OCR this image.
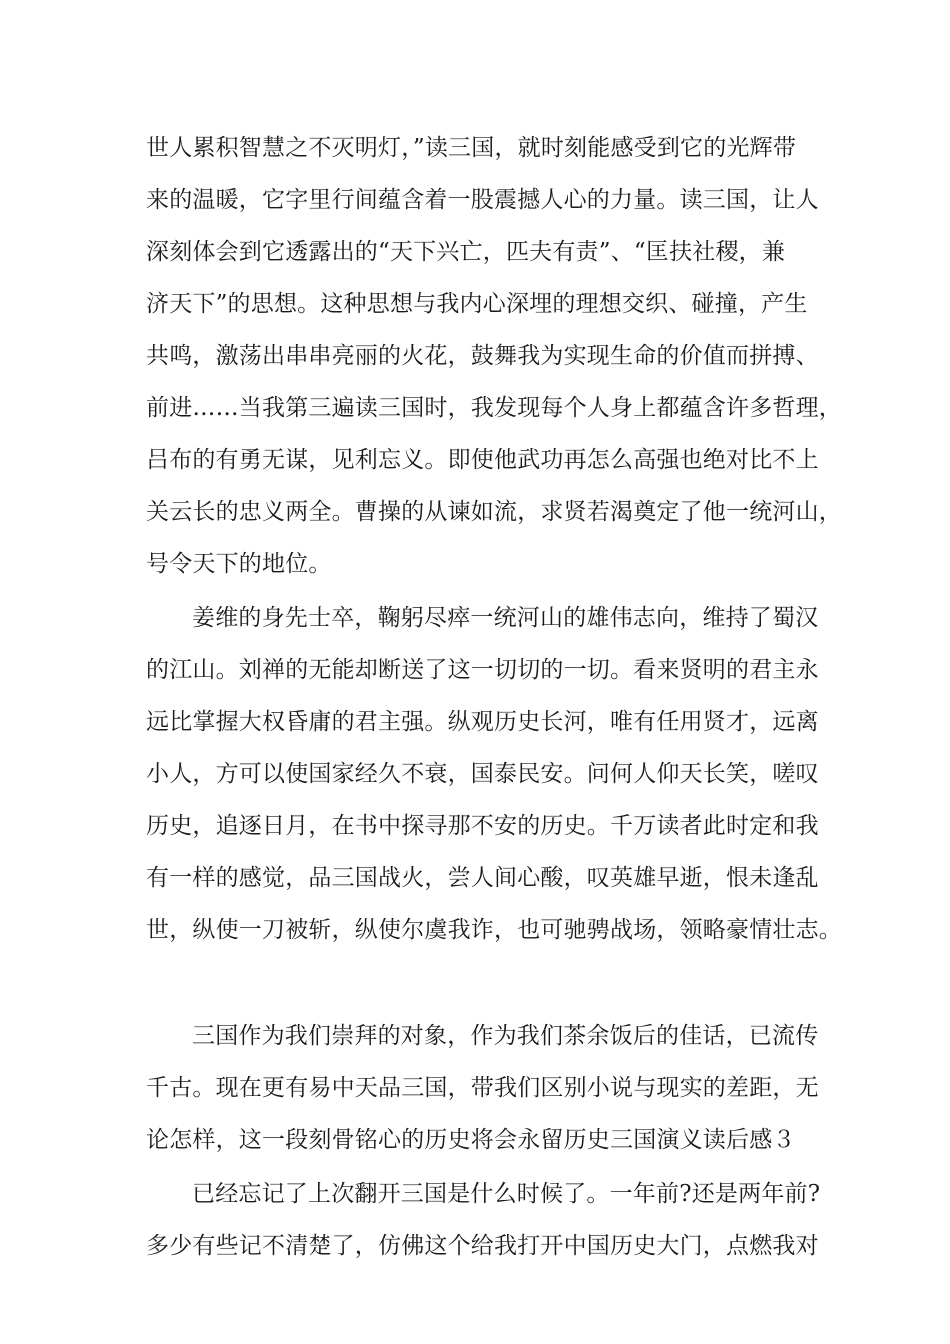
世人累积智慧之不灭明灯，”读三国，就时刻能感受到它的光辉带
来的温暖，它字里行间蕴含着一股震撼人心的力量。读三国，让人
深刻体会到它透露出的“天下兴亡，匹夫有责”、“匡扶社稷，兼
济天下”的思想。这种思想与我内心深埋的理想交织、碰撞，产生
共鸣，激荡出串串亮丽的火花，鼓舞我为实现生命的价值而拼搏、
前进……当我第三遍读三国时，我发现每个人身上都蕴含许多哲理，
吕布的有勇无谋，见利忘义。即使他武功再怎么高强也绝对比不上
关云长的忠义两全。曹操的从谏如流，求贤若渴奠定了他一统河山，
号令天下的地位。
姜维的身先士卒，鞠躬尽瘁一统河山的雄伟志向，维持了蜀汉
的江山。刘禅的无能却断送了这一切切的一切。看来贤明的君主永
远比掌握大权昏庸的君主强。纵观历史长河，唯有任用贤才，远离
小人，方可以使国家经久不衰，国泰民安。问何人仰天长笑，嗟叹
历史，追逐日月，在书中探寻那不安的历史。千万读者此时定和我
有一样的感觉，品三国战火，尝人间心酸，叹英雄早逝，恨未逢乱
世，纵使一刀被斩，纵使尔虞我诈，也可驰骋战场，领略豪情壮志。
三国作为我们崇拜的对象，作为我们茶余饭后的佳话，已流传
千古。现在更有易中天品三国，带我们区别小说与现实的差距，无
论怎样，这一段刻骨铭心的历史将会永留历史三国演义读后感３
已经忘记了上次翻开三国是什么时候了。一年前?还是两年前?
多少有些记不清楚了，仿佛这个给我打开中国历史大门，点燃我对
